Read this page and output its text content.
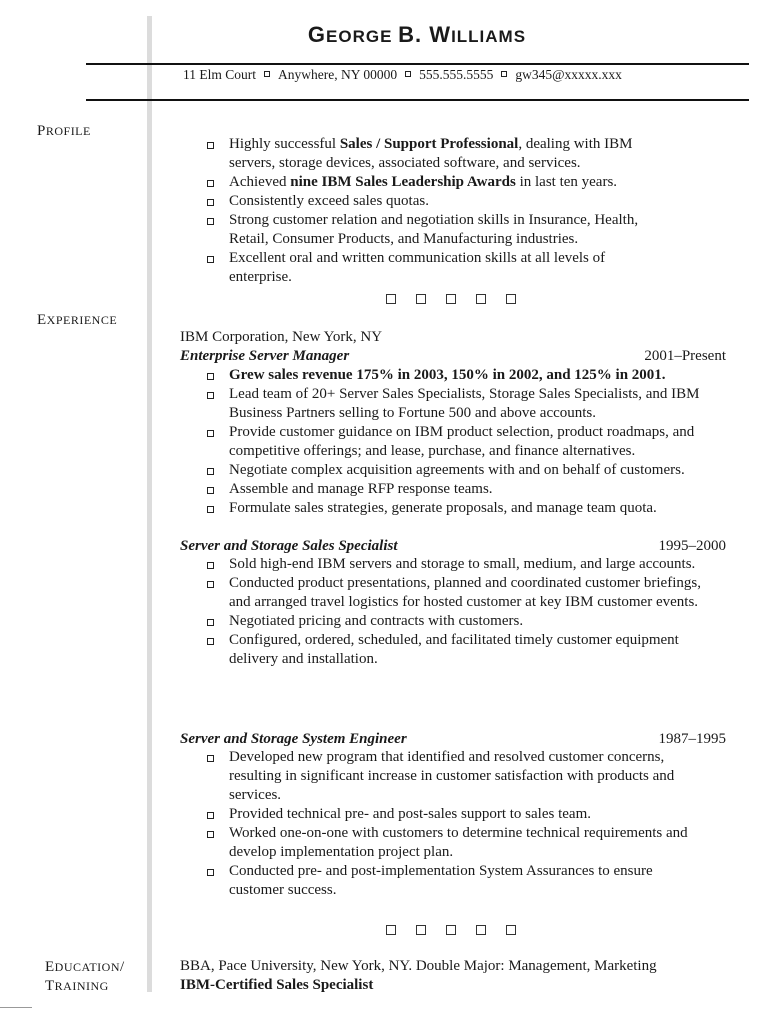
GEORGE B. WILLIAMS
11 Elm Court Anywhere, NY 00000 555.555.5555 gw345@xxxxx.xxx
PROFILE
Highly successful Sales / Support Professional, dealing with IBM servers, storage devices, associated software, and services.
Achieved nine IBM Sales Leadership Awards in last ten years.
Consistently exceed sales quotas.
Strong customer relation and negotiation skills in Insurance, Health, Retail, Consumer Products, and Manufacturing industries.
Excellent oral and written communication skills at all levels of enterprise.
EXPERIENCE
IBM Corporation, New York, NY
Enterprise Server Manager	2001–Present
Grew sales revenue 175% in 2003, 150% in 2002, and 125% in 2001.
Lead team of 20+ Server Sales Specialists, Storage Sales Specialists, and IBM Business Partners selling to Fortune 500 and above accounts.
Provide customer guidance on IBM product selection, product roadmaps, and competitive offerings; and lease, purchase, and finance alternatives.
Negotiate complex acquisition agreements with and on behalf of customers.
Assemble and manage RFP response teams.
Formulate sales strategies, generate proposals, and manage team quota.
Server and Storage Sales Specialist	1995–2000
Sold high-end IBM servers and storage to small, medium, and large accounts.
Conducted product presentations, planned and coordinated customer briefings, and arranged travel logistics for hosted customer at key IBM customer events.
Negotiated pricing and contracts with customers.
Configured, ordered, scheduled, and facilitated timely customer equipment delivery and installation.
Server and Storage System Engineer	1987–1995
Developed new program that identified and resolved customer concerns, resulting in significant increase in customer satisfaction with products and services.
Provided technical pre- and post-sales support to sales team.
Worked one-on-one with customers to determine technical requirements and develop implementation project plan.
Conducted pre- and post-implementation System Assurances to ensure customer success.
EDUCATION/
TRAINING
BBA, Pace University, New York, NY. Double Major: Management, Marketing
IBM-Certified Sales Specialist
